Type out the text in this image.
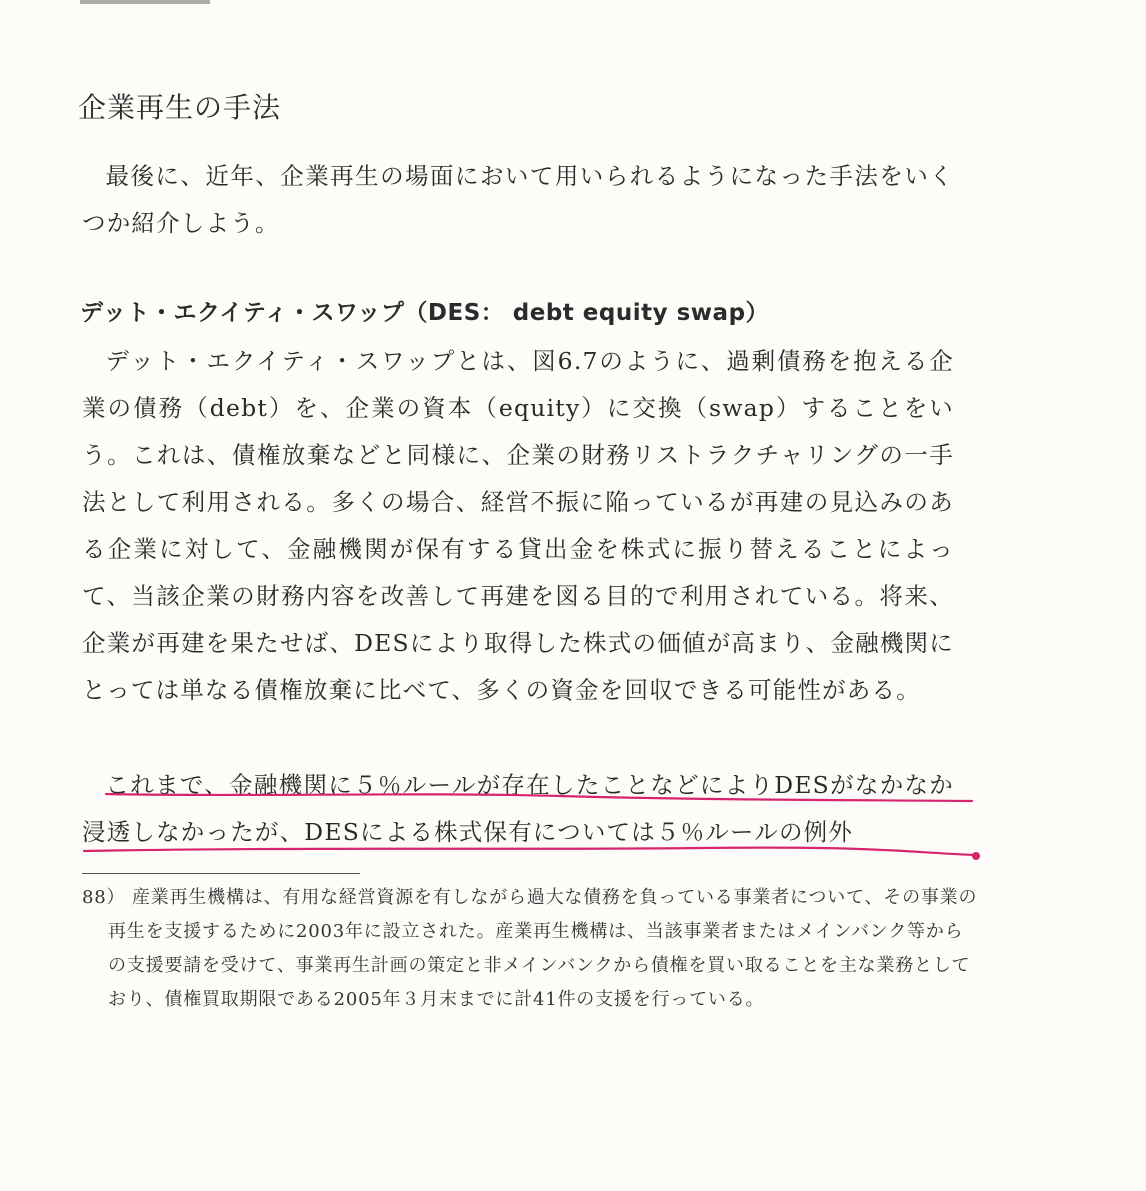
企業再生の手法

最後に、近年、企業再生の場面において用いられるようになった手法をいくつか紹介しよう。

デット・エクイティ・スワップ（DES： debt equity swap）

デット・エクイティ・スワップとは、図6.7のように、過剰債務を抱える企業の債務（debt）を、企業の資本（equity）に交換（swap）することをいう。これは、債権放棄などと同様に、企業の財務リストラクチャリングの一手法として利用される。多くの場合、経営不振に陥っているが再建の見込みのある企業に対して、金融機関が保有する貸出金を株式に振り替えることによって、当該企業の財務内容を改善して再建を図る目的で利用されている。将来、企業が再建を果たせば、DESにより取得した株式の価値が高まり、金融機関にとっては単なる債権放棄に比べて、多くの資金を回収できる可能性がある。

これまで、金融機関に５％ルールが存在したことなどによりDESがなかなか浸透しなかったが、DESによる株式保有については５％ルールの例外

88） 産業再生機構は、有用な経営資源を有しながら過大な債務を負っている事業者について、その事業の再生を支援するために2003年に設立された。産業再生機構は、当該事業者またはメインバンク等からの支援要請を受けて、事業再生計画の策定と非メインバンクから債権を買い取ることを主な業務としており、債権買取期限である2005年３月末までに計41件の支援を行っている。
